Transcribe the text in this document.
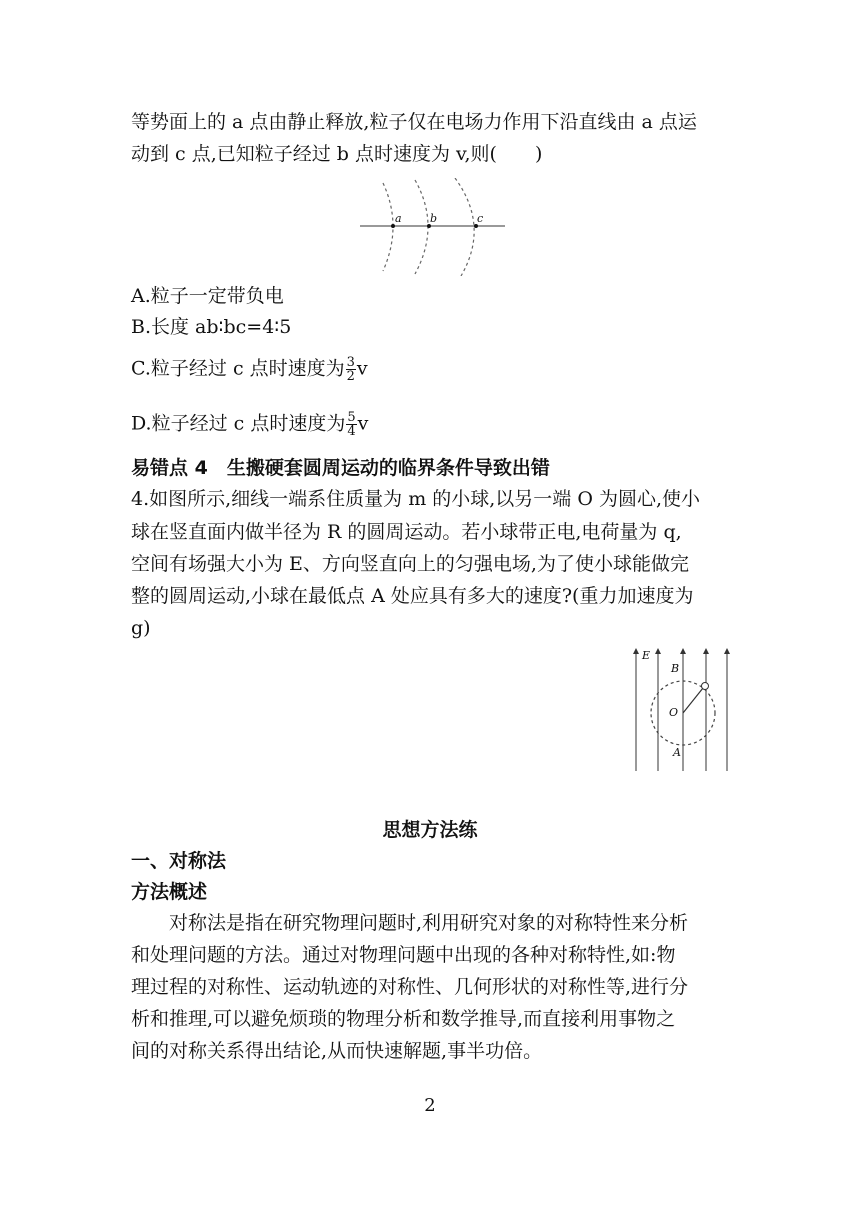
等势面上的 a 点由静止释放,粒子仅在电场力作用下沿直线由 a 点运
动到 c 点,已知粒子经过 b 点时速度为 v,则(　　)
a	b	c
A.粒子一定带负电
B.长度 ab∶bc=4∶5
C.粒子经过 c 点时速度为 $\frac{3}{2}$ v
D.粒子经过 c 点时速度为 $\frac{5}{4}$ v
易错点 4　生搬硬套圆周运动的临界条件导致出错
4.如图所示,细线一端系住质量为 m 的小球,以另一端 O 为圆心,使小
球在竖直面内做半径为 R 的圆周运动。若小球带正电,电荷量为 q,
空间有场强大小为 E、方向竖直向上的匀强电场,为了使小球能做完
整的圆周运动,小球在最低点 A 处应具有多大的速度?(重力加速度为
g)
E
B
O
A
思想方法练
一、对称法
方法概述
　　对称法是指在研究物理问题时,利用研究对象的对称特性来分析
和处理问题的方法。通过对物理问题中出现的各种对称特性,如:物
理过程的对称性、运动轨迹的对称性、几何形状的对称性等,进行分
析和推理,可以避免烦琐的物理分析和数学推导,而直接利用事物之
间的对称关系得出结论,从而快速解题,事半功倍。
2
